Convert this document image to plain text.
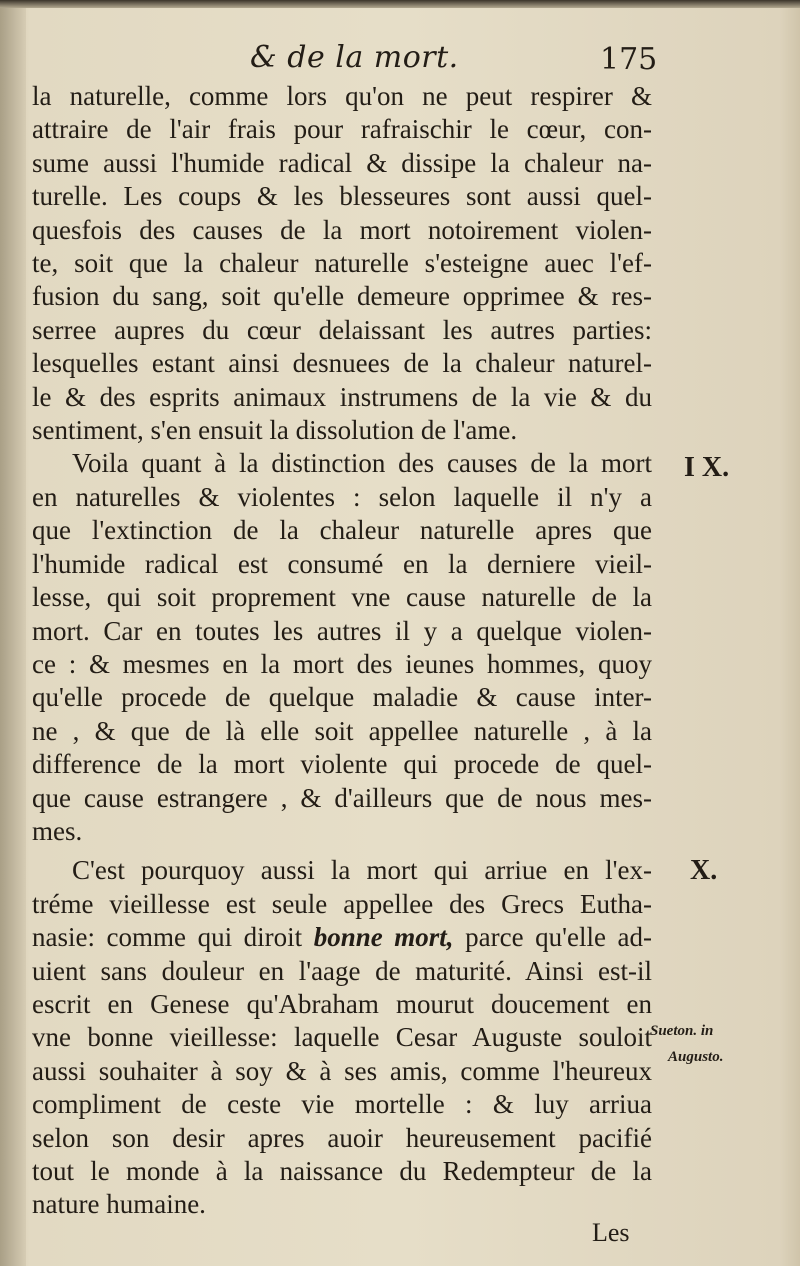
& de la mort.	175

la naturelle, comme lors qu'on ne peut respirer &
attraire de l'air frais pour rafraischir le cœur, con-
sume aussi l'humide radical & dissipe la chaleur na-
turelle. Les coups & les blesseures sont aussi quel-
quesfois des causes de la mort notoirement violen-
te, soit que la chaleur naturelle s'esteigne auec l'ef-
fusion du sang, soit qu'elle demeure opprimee & res-
serree aupres du cœur delaissant les autres parties:
lesquelles estant ainsi desnuees de la chaleur naturel-
le & des esprits animaux instrumens de la vie & du
sentiment, s'en ensuit la dissolution de l'ame.

Voila quant à la distinction des causes de la mort
en naturelles & violentes : selon laquelle il n'y a
que l'extinction de la chaleur naturelle apres que
l'humide radical est consumé en la derniere vieil-
lesse, qui soit proprement vne cause naturelle de la
mort. Car en toutes les autres il y a quelque violen-
ce : & mesmes en la mort des ieunes hommes, quoy
qu'elle procede de quelque maladie & cause inter-
ne , & que de là elle soit appellee naturelle , à la
difference de la mort violente qui procede de quel-
que cause estrangere , & d'ailleurs que de nous mes-
mes.

C'est pourquoy aussi la mort qui arriue en l'ex-
tréme vieillesse est seule appellee des Grecs Eutha-
nasie: comme qui diroit bonne mort, parce qu'elle ad-
uient sans douleur en l'aage de maturité. Ainsi est-il
escrit en Genese qu'Abraham mourut doucement en
vne bonne vieillesse: laquelle Cesar Auguste souloit
aussi souhaiter à soy & à ses amis, comme l'heureux
compliment de ceste vie mortelle : & luy arriua
selon son desir apres auoir heureusement pacifié
tout le monde à la naissance du Redempteur de la
nature humaine.

I X.
X.
Sueton. in
Augusto.
Les
